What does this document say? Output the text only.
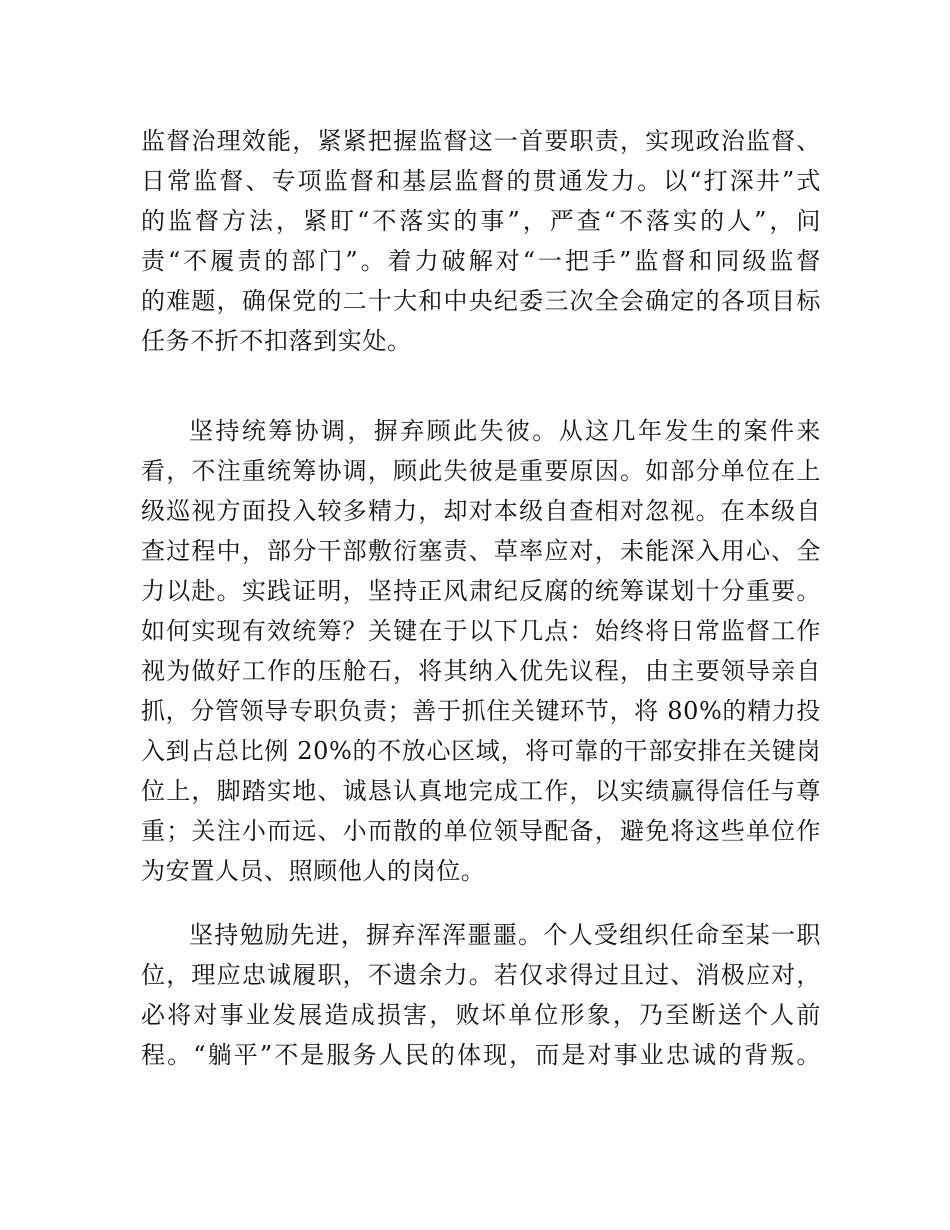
监督治理效能，紧紧把握监督这一首要职责，实现政治监督、
日常监督、专项监督和基层监督的贯通发力。以“打深井”式
的监督方法，紧盯“不落实的事”，严查“不落实的人”，问
责“不履责的部门”。着力破解对“一把手”监督和同级监督
的难题，确保党的二十大和中央纪委三次全会确定的各项目标
任务不折不扣落到实处。
坚持统筹协调，摒弃顾此失彼。从这几年发生的案件来
看，不注重统筹协调，顾此失彼是重要原因。如部分单位在上
级巡视方面投入较多精力，却对本级自查相对忽视。在本级自
查过程中，部分干部敷衍塞责、草率应对，未能深入用心、全
力以赴。实践证明，坚持正风肃纪反腐的统筹谋划十分重要。
如何实现有效统筹？关键在于以下几点：始终将日常监督工作
视为做好工作的压舱石，将其纳入优先议程，由主要领导亲自
抓，分管领导专职负责；善于抓住关键环节，将 80%的精力投
入到占总比例 20%的不放心区域，将可靠的干部安排在关键岗
位上，脚踏实地、诚恳认真地完成工作，以实绩赢得信任与尊
重；关注小而远、小而散的单位领导配备，避免将这些单位作
为安置人员、照顾他人的岗位。
坚持勉励先进，摒弃浑浑噩噩。个人受组织任命至某一职
位，理应忠诚履职，不遗余力。若仅求得过且过、消极应对，
必将对事业发展造成损害，败坏单位形象，乃至断送个人前
程。“躺平”不是服务人民的体现，而是对事业忠诚的背叛。
